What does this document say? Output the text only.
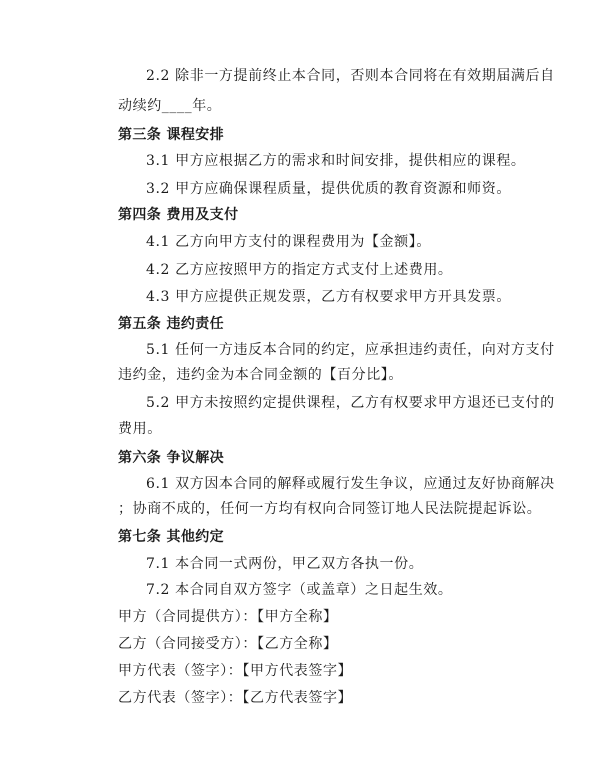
2.2 除非一方提前终止本合同，否则本合同将在有效期届满后自
动续约____年。
第三条 课程安排
3.1 甲方应根据乙方的需求和时间安排，提供相应的课程。
3.2 甲方应确保课程质量，提供优质的教育资源和师资。
第四条 费用及支付
4.1 乙方向甲方支付的课程费用为【金额】。
4.2 乙方应按照甲方的指定方式支付上述费用。
4.3 甲方应提供正规发票，乙方有权要求甲方开具发票。
第五条 违约责任
5.1 任何一方违反本合同的约定，应承担违约责任，向对方支付
违约金，违约金为本合同金额的【百分比】。
5.2 甲方未按照约定提供课程，乙方有权要求甲方退还已支付的
费用。
第六条 争议解决
6.1 双方因本合同的解释或履行发生争议，应通过友好协商解决
；协商不成的，任何一方均有权向合同签订地人民法院提起诉讼。
第七条 其他约定
7.1 本合同一式两份，甲乙双方各执一份。
7.2 本合同自双方签字（或盖章）之日起生效。
甲方（合同提供方）：【甲方全称】
乙方（合同接受方）：【乙方全称】
甲方代表（签字）：【甲方代表签字】
乙方代表（签字）：【乙方代表签字】
